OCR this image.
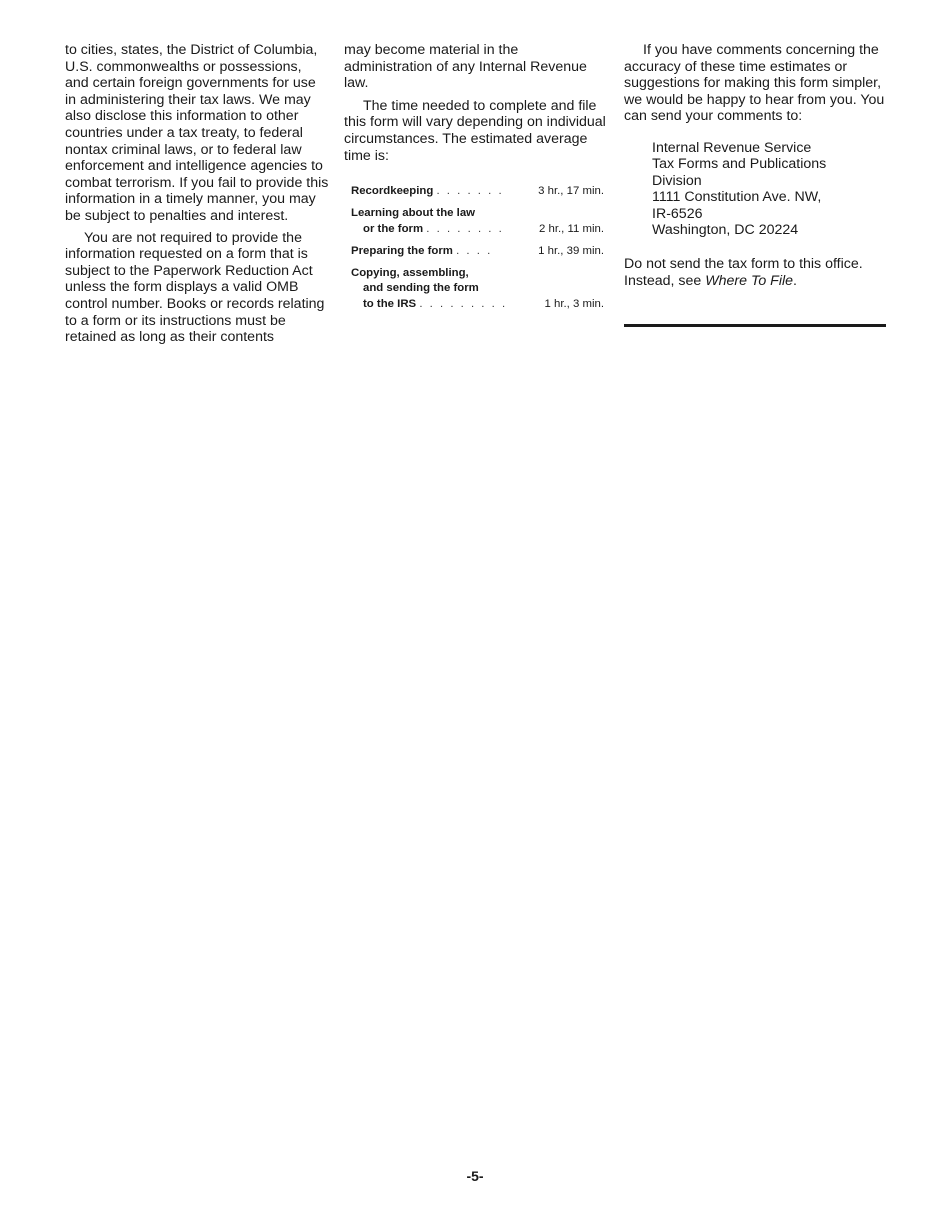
to cities, states, the District of Columbia, U.S. commonwealths or possessions, and certain foreign governments for use in administering their tax laws. We may also disclose this information to other countries under a tax treaty, to federal nontax criminal laws, or to federal law enforcement and intelligence agencies to combat terrorism. If you fail to provide this information in a timely manner, you may be subject to penalties and interest.

You are not required to provide the information requested on a form that is subject to the Paperwork Reduction Act unless the form displays a valid OMB control number. Books or records relating to a form or its instructions must be retained as long as their contents

may become material in the administration of any Internal Revenue law.

The time needed to complete and file this form will vary depending on individual circumstances. The estimated average time is:

Recordkeeping . . . . . . .	3 hr., 17 min.
Learning about the law
or the form . . . . . . . .	2 hr., 11 min.
Preparing the form . . . .	1 hr., 39 min.
Copying, assembling,
and sending the form
to the IRS . . . . . . . . .	1 hr., 3 min.

If you have comments concerning the accuracy of these time estimates or suggestions for making this form simpler, we would be happy to hear from you. You can send your comments to:

Internal Revenue Service
Tax Forms and Publications
Division
1111 Constitution Ave. NW,
IR-6526
Washington, DC 20224

Do not send the tax form to this office. Instead, see Where To File.

-5-
